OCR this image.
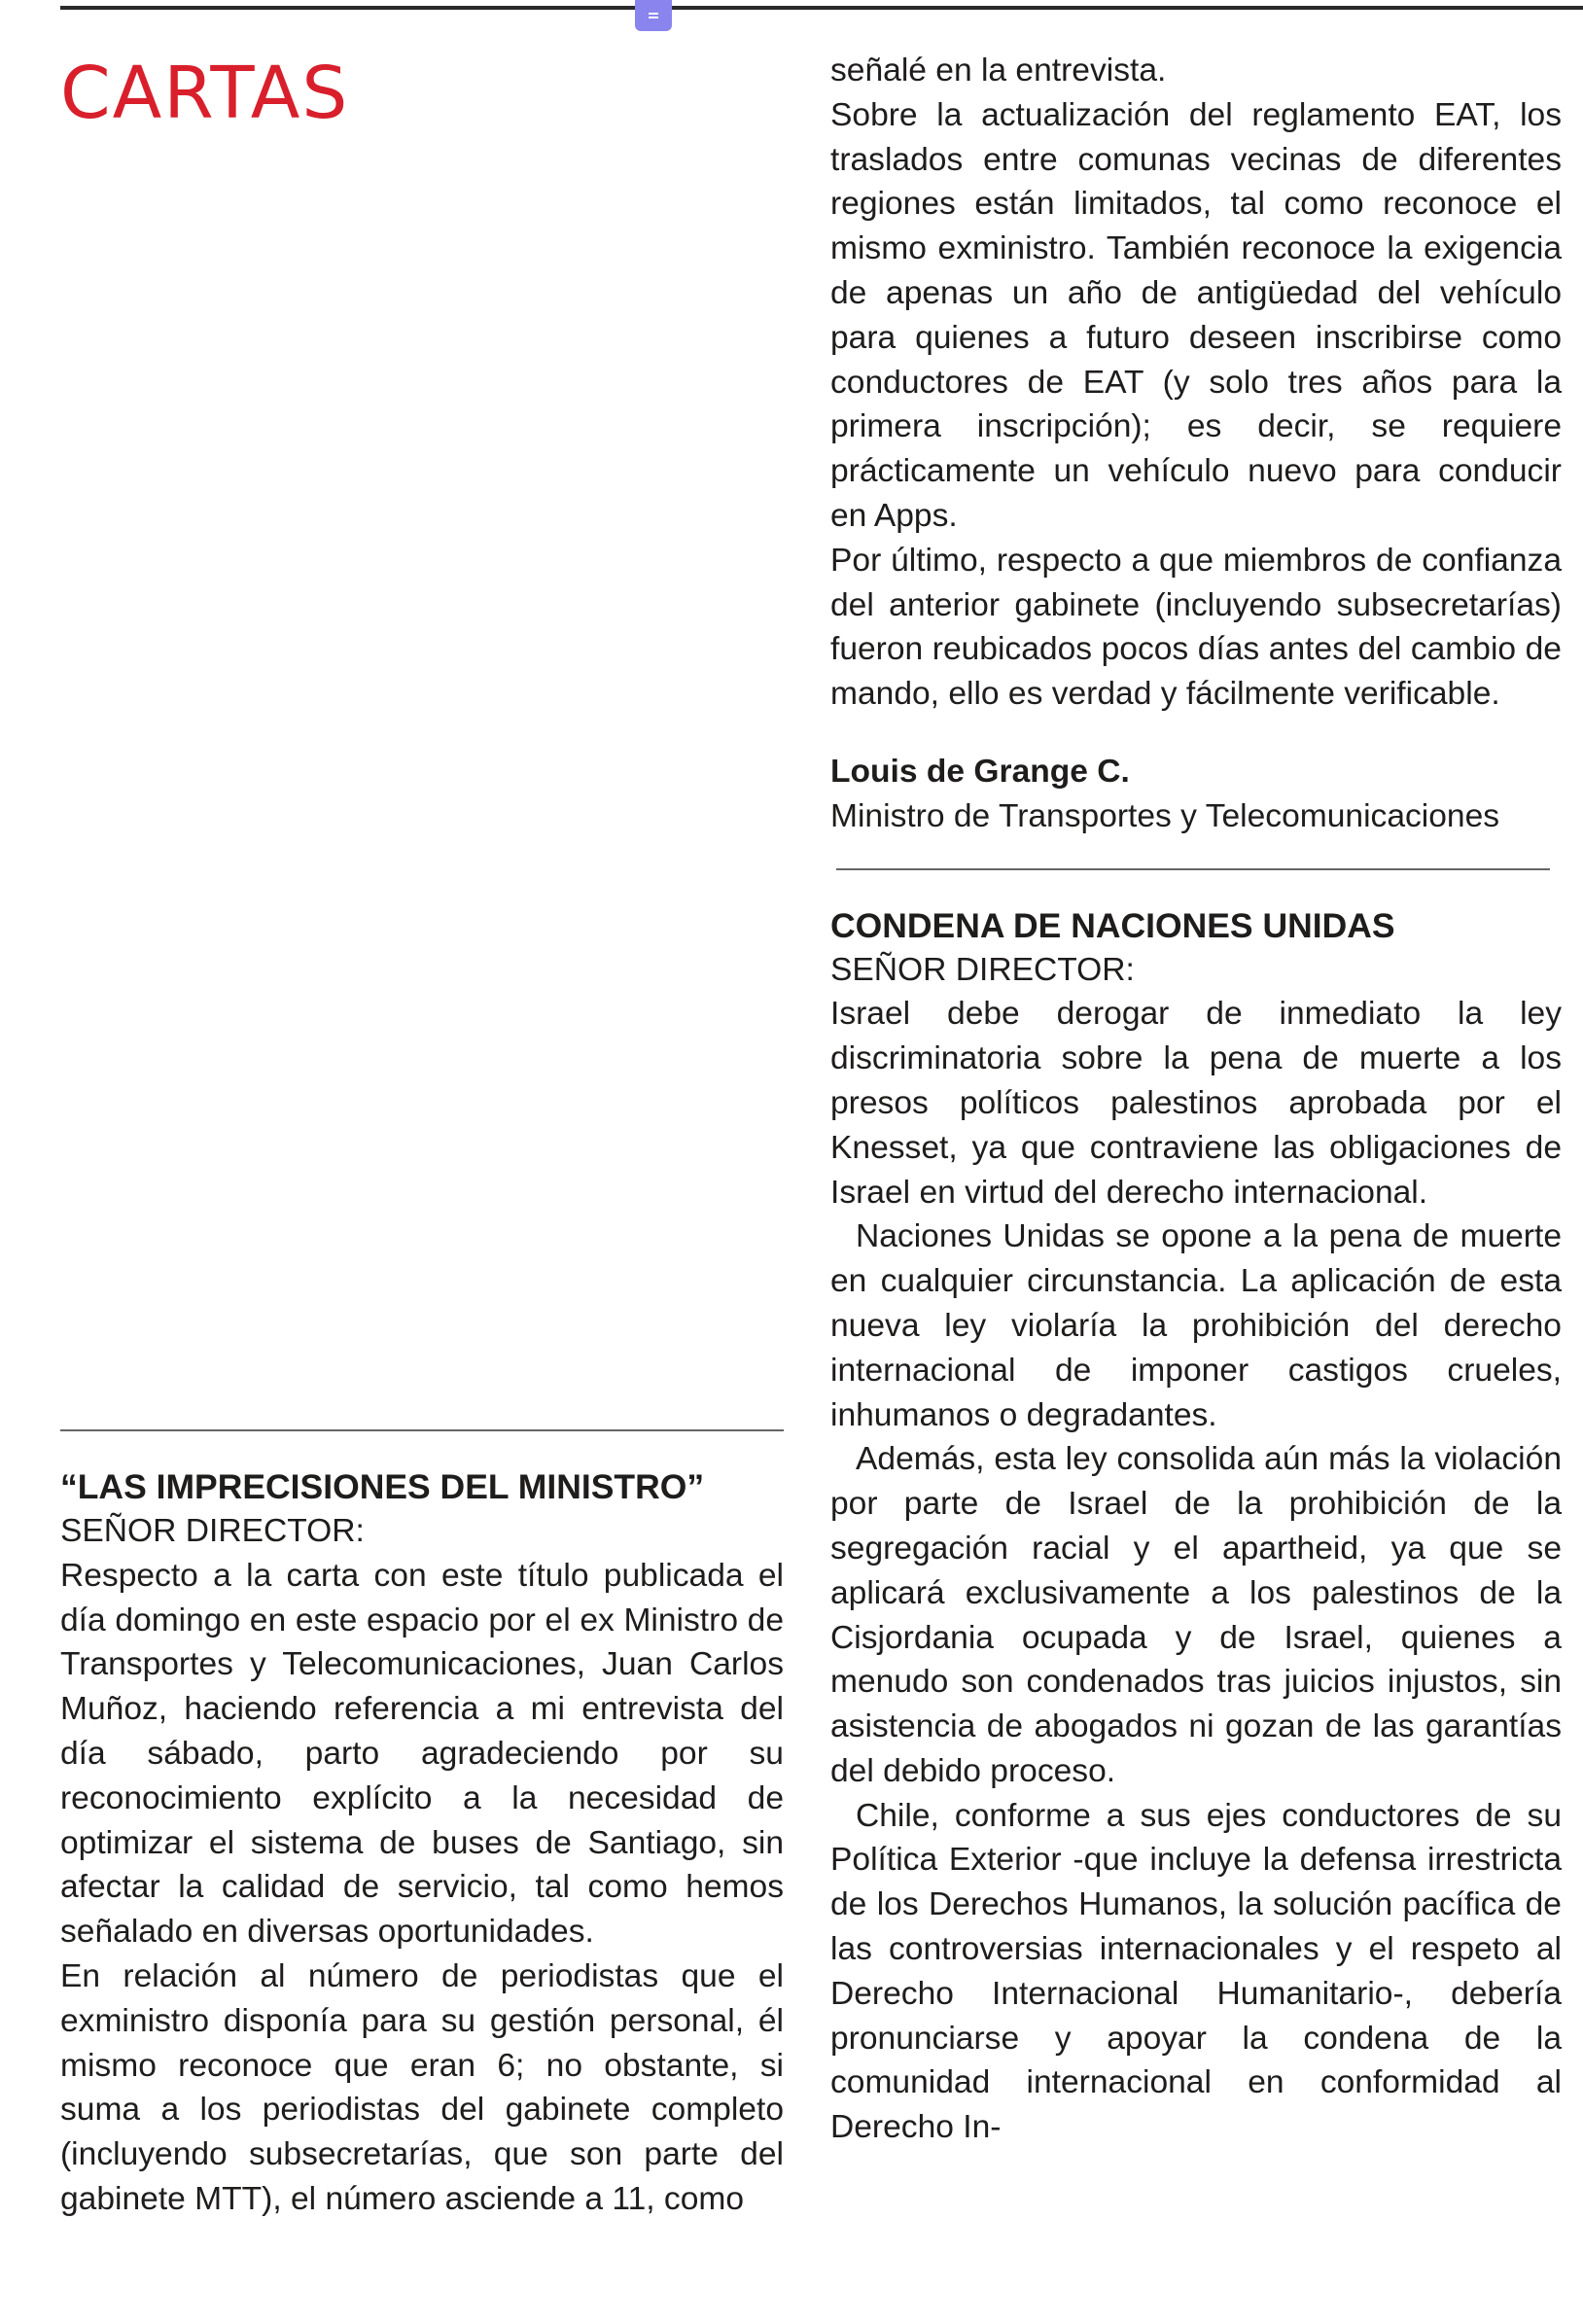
CARTAS	señalé en la entrevista.

Sobre la actualización del reglamento EAT, los traslados entre comunas vecinas de diferentes regiones están limitados, tal como reconoce el mismo exministro. También reconoce la exigencia de apenas un año de antigüedad del vehículo para quienes a futuro deseen inscribirse como conductores de EAT (y solo tres años para la primera inscripción); es decir, se requiere prácticamente un vehículo nuevo para conducir en Apps.

Por último, respecto a que miembros de confianza del anterior gabinete (incluyendo subsecretarías) fueron reubicados pocos días antes del cambio de mando, ello es verdad y fácilmente verificable.

Louis de Grange C.

Ministro de Transportes y Telecomunicaciones

CONDENA DE NACIONES UNIDAS

SEÑOR DIRECTOR:

Israel debe derogar de inmediato la ley discriminatoria sobre la pena de muerte a los presos políticos palestinos aprobada por el Knesset, ya que contraviene las obligaciones de Israel en virtud del derecho internacional.

Naciones Unidas se opone a la pena de muerte en cualquier circunstancia. La aplicación de esta nueva ley violaría la prohibición del derecho internacional de imponer castigos crueles, inhumanos o degradantes.

Además, esta ley consolida aún más la violación por parte de Israel de la prohibición de la segregación racial y el apartheid, ya que se aplicará exclusivamente a los palestinos de la Cisjordania ocupada y de Israel, quienes a menudo son condenados tras juicios injustos, sin asistencia de abogados ni gozan de las garantías del debido proceso.

Chile, conforme a sus ejes conductores de su Política Exterior -que incluye la defensa irrestricta de los Derechos Humanos, la solución pacífica de las controversias internacionales y el respeto al Derecho Internacional Humanitario-, debería pronunciarse y apoyar la condena de la comunidad internacional en conformidad al Derecho In-

“LAS IMPRECISIONES DEL MINISTRO”

SEÑOR DIRECTOR:

Respecto a la carta con este título publicada el día domingo en este espacio por el ex Ministro de Transportes y Telecomunicaciones, Juan Carlos Muñoz, haciendo referencia a mi entrevista del día sábado, parto agradeciendo por su reconocimiento explícito a la necesidad de optimizar el sistema de buses de Santiago, sin afectar la calidad de servicio, tal como hemos señalado en diversas oportunidades.

En relación al número de periodistas que el exministro disponía para su gestión personal, él mismo reconoce que eran 6; no obstante, si suma a los periodistas del gabinete completo (incluyendo subsecretarías, que son parte del gabinete MTT), el número asciende a 11, como
